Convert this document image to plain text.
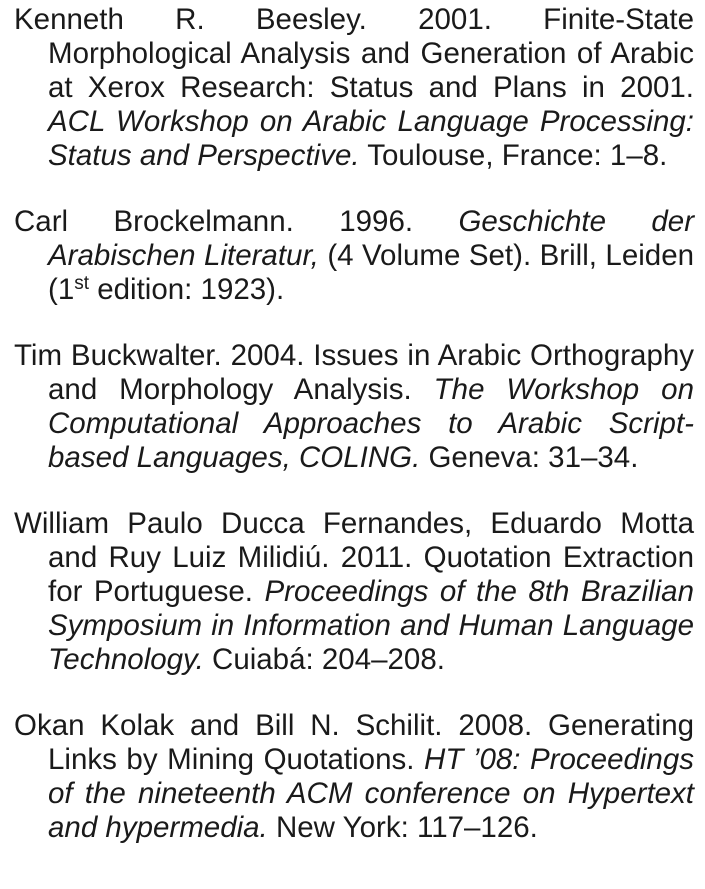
Kenneth R. Beesley. 2001. Finite-State Morphological Analysis and Generation of Arabic at Xerox Research: Status and Plans in 2001. ACL Workshop on Arabic Language Processing: Status and Perspective. Toulouse, France: 1–8.

Carl Brockelmann. 1996. Geschichte der Arabischen Literatur, (4 Volume Set). Brill, Leiden (1st edition: 1923).

Tim Buckwalter. 2004. Issues in Arabic Orthography and Morphology Analysis. The Workshop on Computational Approaches to Arabic Script-based Languages, COLING. Geneva: 31–34.

William Paulo Ducca Fernandes, Eduardo Motta and Ruy Luiz Milidiú. 2011. Quotation Extraction for Portuguese. Proceedings of the 8th Brazilian Symposium in Information and Human Language Technology. Cuiabá: 204–208.

Okan Kolak and Bill N. Schilit. 2008. Generating Links by Mining Quotations. HT ’08: Proceedings of the nineteenth ACM conference on Hypertext and hypermedia. New York: 117–126.
